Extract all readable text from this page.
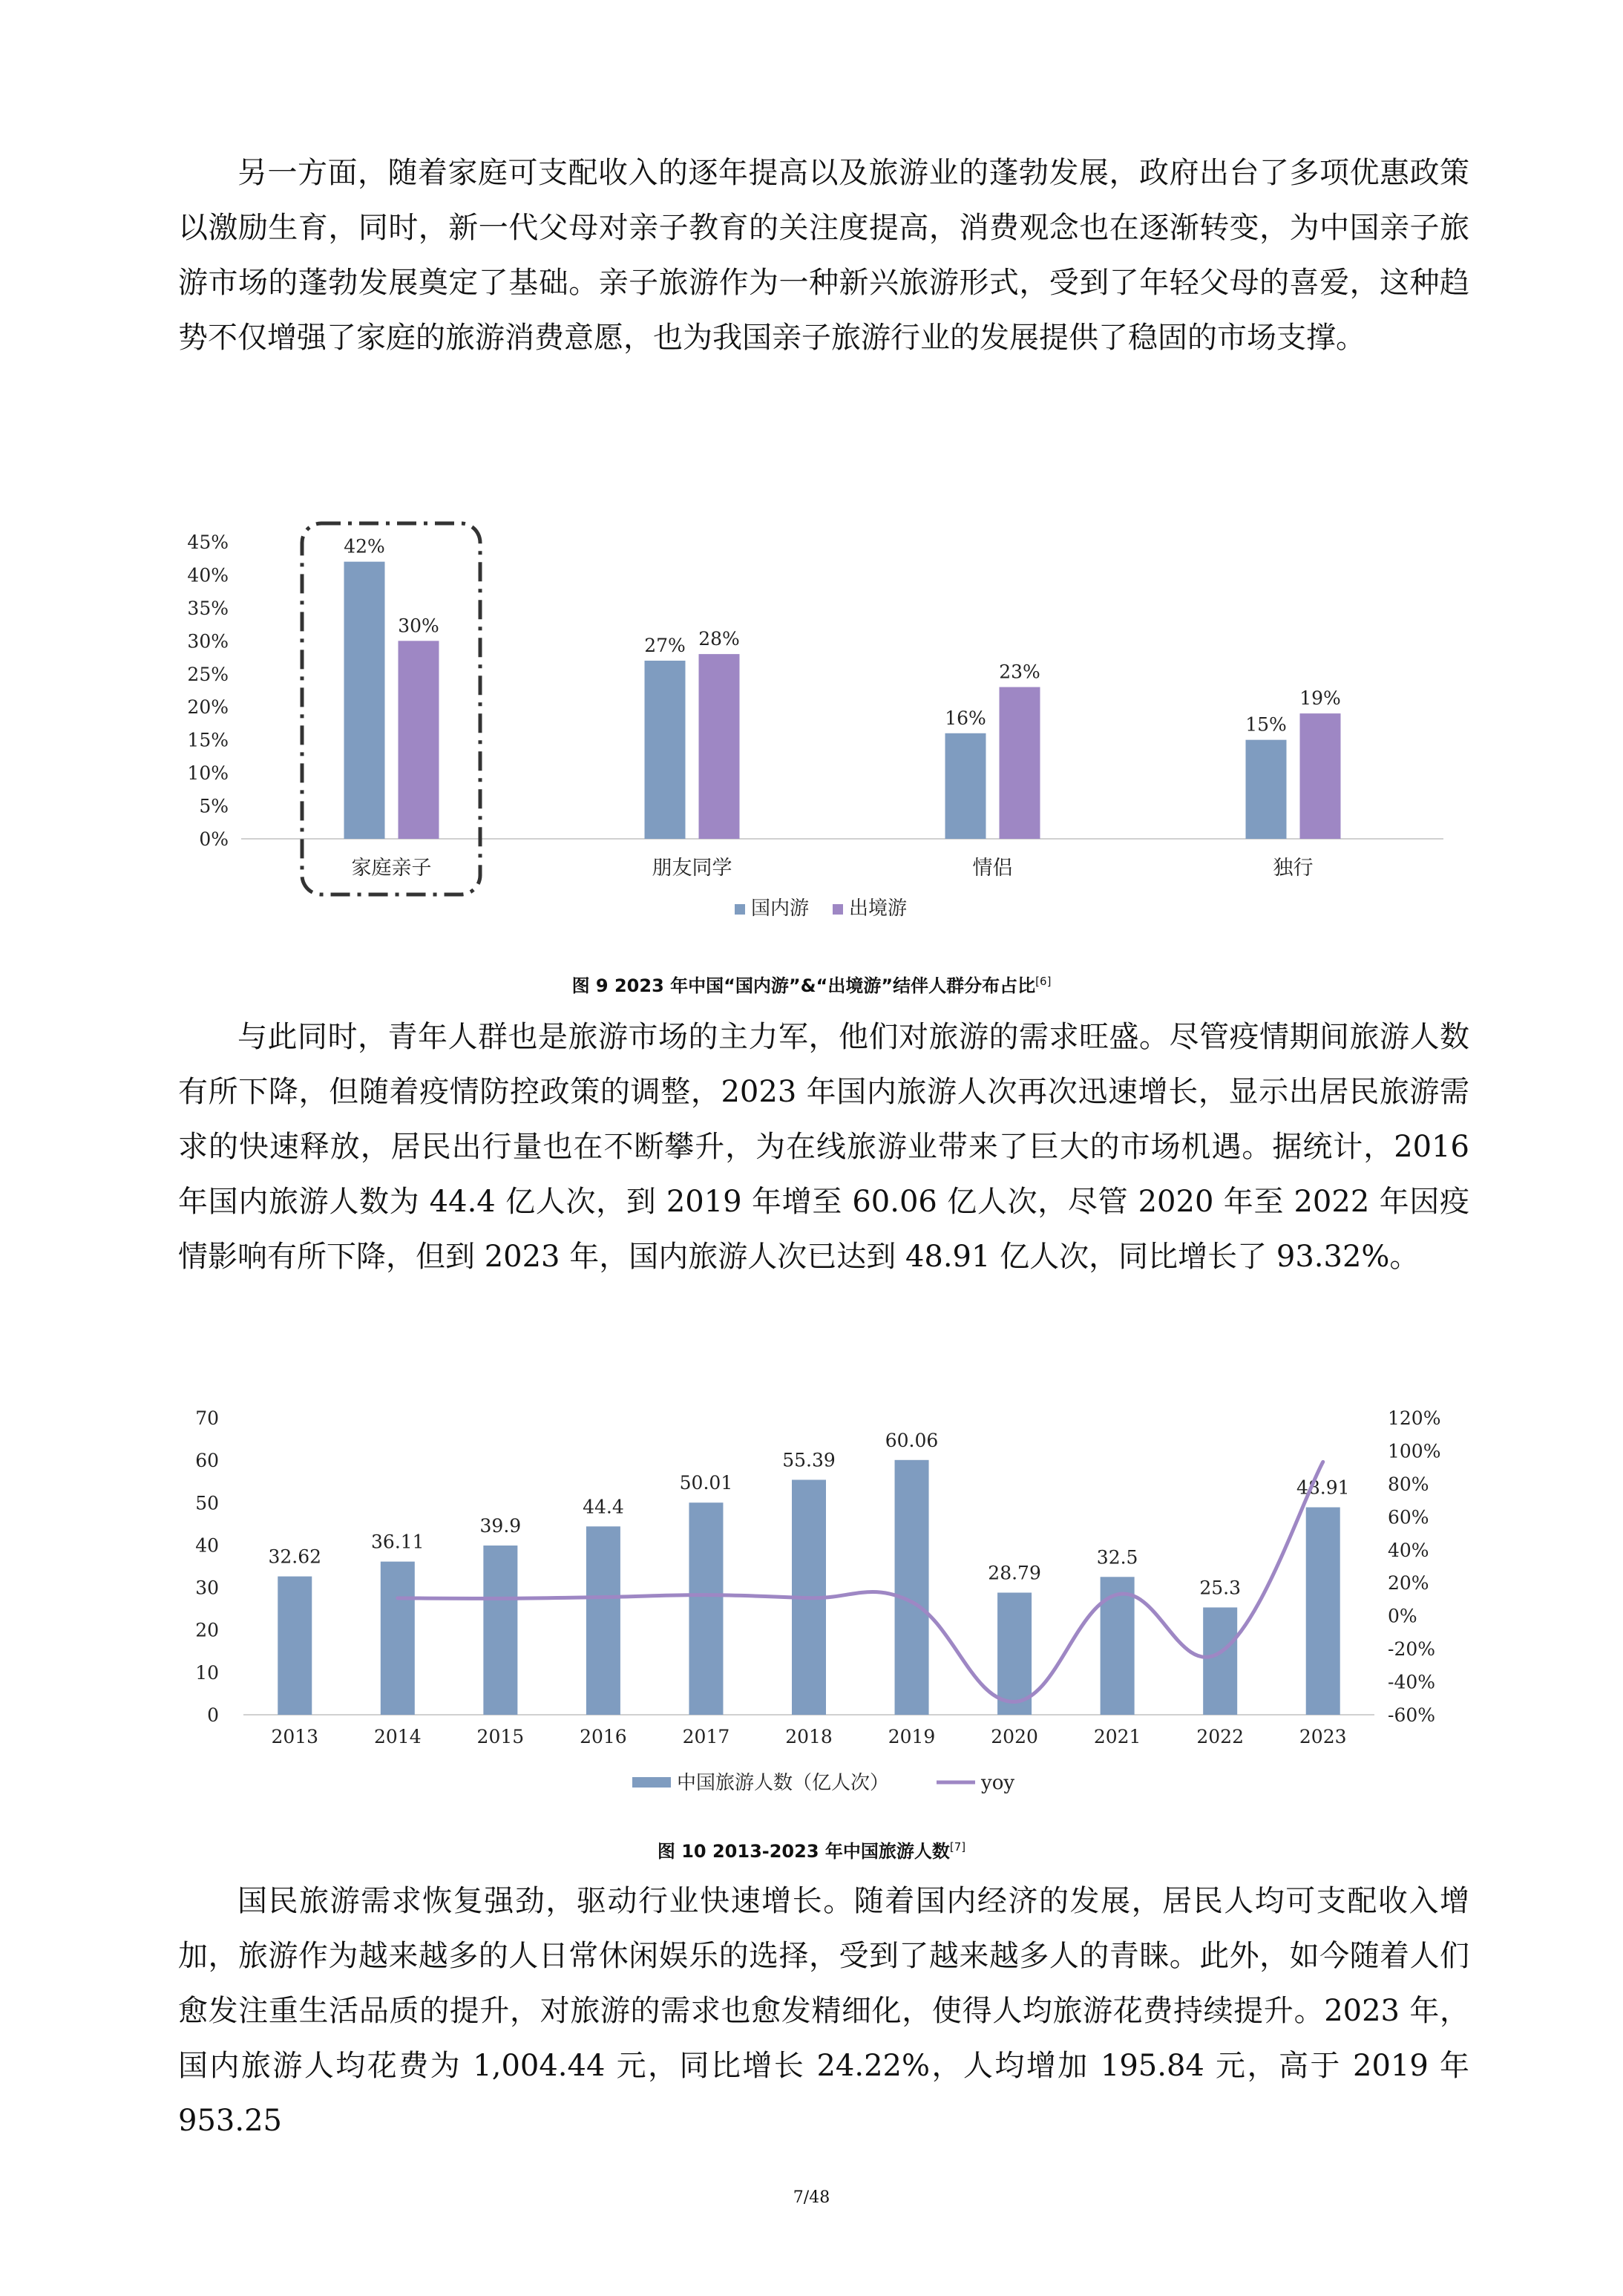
另一方面，随着家庭可支配收入的逐年提高以及旅游业的蓬勃发展，政府出台了多项优惠政策以激励生育，同时，新一代父母对亲子教育的关注度提高，消费观念也在逐渐转变，为中国亲子旅游市场的蓬勃发展奠定了基础。亲子旅游作为一种新兴旅游形式，受到了年轻父母的喜爱，这种趋势不仅增强了家庭的旅游消费意愿，也为我国亲子旅游行业的发展提供了稳固的市场支撑。

0%
5%
10%
15%
20%
25%
30%
35%
40%
45%	42%
30%
27% 28%
16%
23%
15%
19%
家庭亲子	朋友同学	情侣	独行
国内游 出境游
图 9 2023 年中国“国内游”&“出境游”结伴人群分布占比[6]

与此同时，青年人群也是旅游市场的主力军，他们对旅游的需求旺盛。尽管疫情期间旅游人数有所下降，但随着疫情防控政策的调整，2023 年国内旅游人次再次迅速增长，显示出居民旅游需求的快速释放，居民出行量也在不断攀升，为在线旅游业带来了巨大的市场机遇。据统计，2016 年国内旅游人数为 44.4 亿人次，到 2019 年增至 60.06 亿人次，尽管 2020 年至 2022 年因疫情影响有所下降，但到 2023 年，国内旅游人次已达到 48.91 亿人次，同比增长了 93.32%。

0
10
20
30
40
50
60
70
-60%
-40%
-20%
0%
20%
40%
60%
80%
100%
120%
32.62
36.11
39.9
44.4
50.01
55.39
60.06
28.79
32.5
25.3
48.91
2013	2014	2015	2016	2017	2018	2019	2020	2021	2022	2023
中国旅游人数（亿人次）	yoy
图 10 2013-2023 年中国旅游人数[7]

国民旅游需求恢复强劲，驱动行业快速增长。随着国内经济的发展，居民人均可支配收入增加，旅游作为越来越多的人日常休闲娱乐的选择，受到了越来越多人的青睐。此外，如今随着人们愈发注重生活品质的提升，对旅游的需求也愈发精细化，使得人均旅游花费持续提升。2023 年，国内旅游人均花费为 1,004.44 元，同比增长 24.22%，人均增加 195.84 元，高于 2019 年 953.25

7/48
